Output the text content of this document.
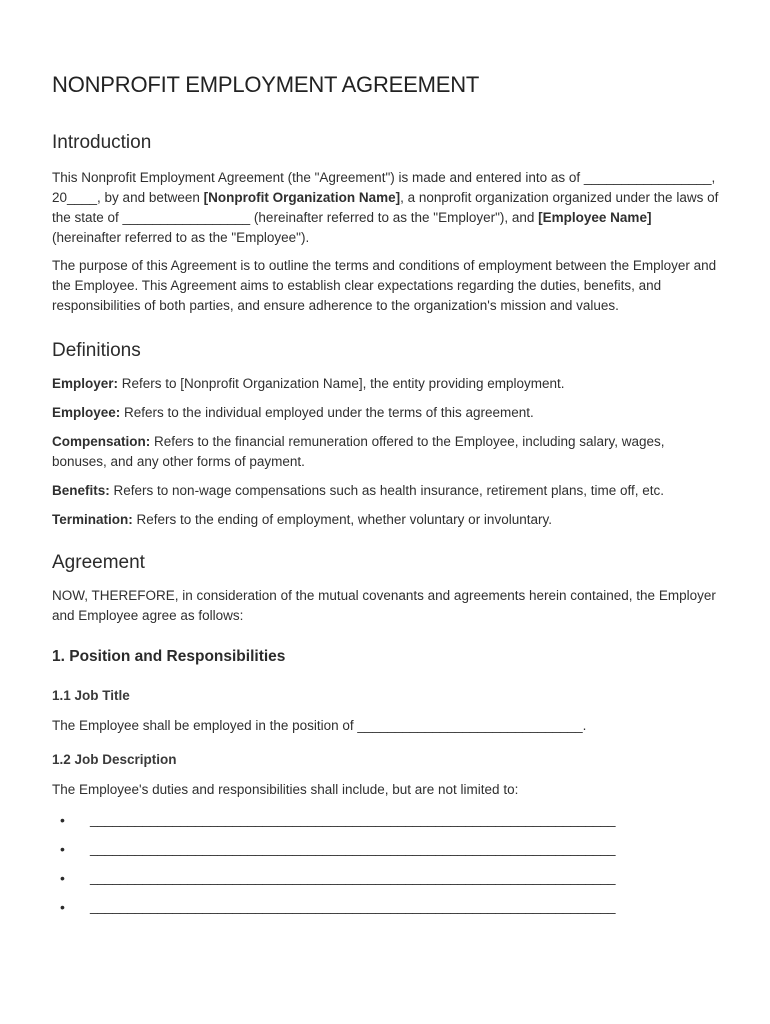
NONPROFIT EMPLOYMENT AGREEMENT
Introduction

This Nonprofit Employment Agreement (the "Agreement") is made and entered into as of _________________, 20____, by and between [Nonprofit Organization Name], a nonprofit organization organized under the laws of the state of _________________ (hereinafter referred to as the "Employer"), and [Employee Name] (hereinafter referred to as the "Employee").

The purpose of this Agreement is to outline the terms and conditions of employment between the Employer and the Employee. This Agreement aims to establish clear expectations regarding the duties, benefits, and responsibilities of both parties, and ensure adherence to the organization's mission and values.

Definitions

Employer: Refers to [Nonprofit Organization Name], the entity providing employment.

Employee: Refers to the individual employed under the terms of this agreement.

Compensation: Refers to the financial remuneration offered to the Employee, including salary, wages, bonuses, and any other forms of payment.

Benefits: Refers to non-wage compensations such as health insurance, retirement plans, time off, etc.

Termination: Refers to the ending of employment, whether voluntary or involuntary.

Agreement

NOW, THEREFORE, in consideration of the mutual covenants and agreements herein contained, the Employer and Employee agree as follows:

1. Position and Responsibilities
1.1 Job Title

The Employee shall be employed in the position of ______________________________.

1.2 Job Description

The Employee's duties and responsibilities shall include, but are not limited to:

• ______________________________________________________________________
• ______________________________________________________________________
• ______________________________________________________________________
• ______________________________________________________________________
